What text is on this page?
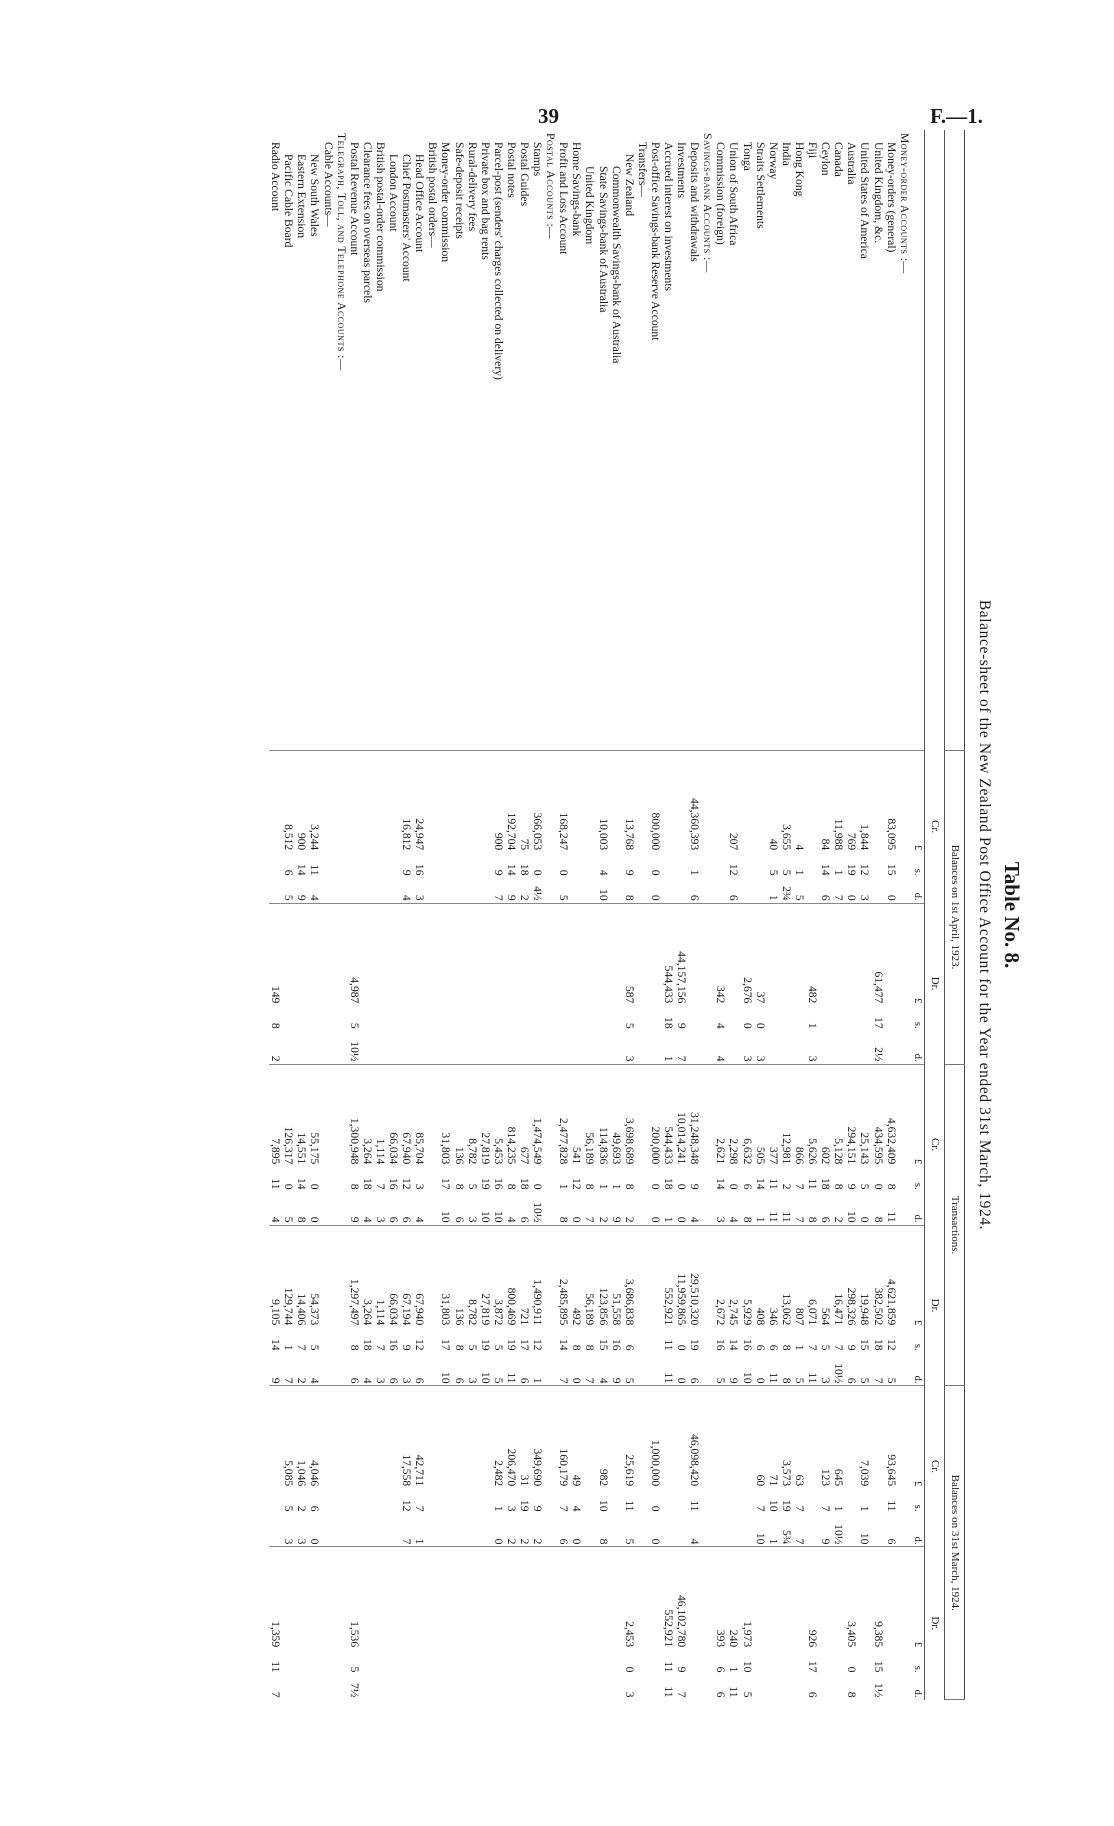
39	F.—1.
Table No. 8.
Balance-sheet of the New Zealand Post Office Account for the Year ended 31st March, 1924.
	Balances on 1st April, 1923.						Transactions.						Balances on 31st March, 1924.					
	Cr.			Dr.			Cr.			Dr.			Cr.			Dr.		
	£	s.	d.	£	s.	d.	£	s.	d.	£	s.	d.	£	s.	d.	£	s.	d.
Money-order Accounts :—																		
Money-orders (general)	83,095	15	0				4,632,409	8	11	4,621,859	12	5	93,645	11	6			
United Kingdom, &c.				61,477	17	2½	434,595	0	8	382,502	18	7				9,385	15	1½
United States of America	1,844	12	3				25,143	5	0	19,948	15	5	7,039	1	10			
Australia	769	19	0				294,151	9	10	298,326	9	6				3,405	0	8
Canada	11,988	1	7				5,128	8	2	16,471	7	10½	645	1	10½			
Ceylon	84	14	6				602	18	6	564	5	3	123	7	9			
Fiji				482	1	3	5,626	11	8	6,071	7	11				926	17	6
Hong Kong	4	1	5				866	7	7	807	1	5	63	7	7			
India	3,655	5	2¾				12,981	2	11	13,062	8	8	3,573	19	5¾			
Norway	40	5	1				377	11	11	346	6	11	71	10	1			
Straits Settlements				37	0	3	505	14	1	408	6	0	60	7	10			
Tonga				2,676	0	3	6,632	6	8	5,929	16	10				1,973	10	5
Union of South Africa	207	12	6				2,298	0	4	2,745	14	9				240	1	11
Commission (foreign)				342	4	4	2,621	14	3	2,672	16	5				393	6	6
Savings-bank Accounts :—																		
Deposits and withdrawals	44,360,393	1	6				31,248,348	9	4	29,510,320	19	6	46,098,420	11	4			
Investments				44,157,156	9	7	10,014,241	0	0	11,959,865	0	0				46,102,780	9	7
Accrued interest on investments				544,433	18	1	544,433	18	1	552,921	11	11				552,921	11	11
Post-office Savings-bank Reserve Account	800,000	0	0				200,000	0	0				1,000,000	0	0			
Transfers—																		
New Zealand	13,768	9	8	587	5	3	3,698,689	8	2	3,686,838	6	5	25,619	11	5	2,453	0	3
Commonwealth Savings-bank of Australia							49,693	1	9	51,558	16	9						
State Savings-bank of Australia	10,003	4	10				114,836	1	2	123,856	15	4	982	10	8			
United Kingdom							56,189	8	7	56,189	8	7						
Home Savings-bank							541	12	0	492	8	0	49	4	0			
Profit and Loss Account	168,247	0	5				2,477,828	1	8	2,485,895	14	7	160,179	7	6			
Postal Accounts :—																		
Stamps	366,053	0	4½				1,474,549	0	10½	1,490,911	12	1	349,690	9	2			
Postal Guides	75	18	2				677	18	6	721	17	6	31	19	2			
Postal notes	192,704	14	9				814,235	8	4	800,469	19	11	206,470	3	2			
Parcel-post (senders' charges collected on delivery)	900	9	7				5,453	16	10	3,872	5	5	2,482	1	0			
Private box and bag rents							27,819	19	10	27,819	19	10						
Rural-delivery fees							8,782	5	3	8,782	5	3						
Safe-deposit receipts							136	8	6	136	8	6						
Money-order commission							31,803	17	10	31,803	17	10						
British postal orders—																		
Head Office Account	24,947	16	3				85,704	3	4	67,940	12	6	42,711	7	1			
Chief Postmasters' Account	16,812	9	4				67,940	12	6	67,194	9	3	17,558	12	7			
London Account							66,034	16	6	66,034	16	6						
British postal-order commission							1,114	7	3	1,114	7	3						
Clearance fees on overseas parcels							3,264	18	4	3,264	18	4						
Postal Revenue Account				4,987	5	10½	1,300,948	8	9	1,297,497	8	6				1,536	5	7½
Telegraph, Toll, and Telephone Accounts :—																		
Cable Accounts—																		
New South Wales	3,244	11	4				55,175	0	0	54,373	5	4	4,046	6	0			
Eastern Extension	900	14	9				14,551	14	8	14,406	7	2	1,046	2	3			
Pacific Cable Board	8,512	6	5				126,317	0	5	129,744	1	7	5,085	5	3			
Radio Account				149	8	2	7,895	11	4	9,105	14	9				1,359	11	7
